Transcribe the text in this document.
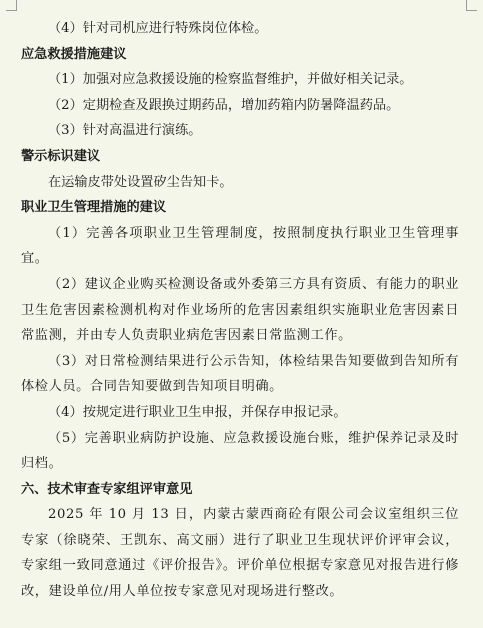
（4）针对司机应进行特殊岗位体检。
应急救援措施建议
（1）加强对应急救援设施的检察监督维护，并做好相关记录。
（2）定期检查及跟换过期药品，增加药箱内防暑降温药品。
（3）针对高温进行演练。
警示标识建议
在运输皮带处设置矽尘告知卡。
职业卫生管理措施的建议
（1）完善各项职业卫生管理制度，按照制度执行职业卫生管理事宜。
（2）建议企业购买检测设备或外委第三方具有资质、有能力的职业卫生危害因素检测机构对作业场所的危害因素组织实施职业危害因素日常监测，并由专人负责职业病危害因素日常监测工作。
（3）对日常检测结果进行公示告知，体检结果告知要做到告知所有体检人员。合同告知要做到告知项目明确。
（4）按规定进行职业卫生申报，并保存申报记录。
（5）完善职业病防护设施、应急救援设施台账，维护保养记录及时归档。
六、技术审查专家组评审意见
2025 年 10 月 13 日，内蒙古蒙西商砼有限公司会议室组织三位专家（徐晓荣、王凯东、高文丽）进行了职业卫生现状评价评审会议，专家组一致同意通过《评价报告》。评价单位根据专家意见对报告进行修改，建设单位/用人单位按专家意见对现场进行整改。
